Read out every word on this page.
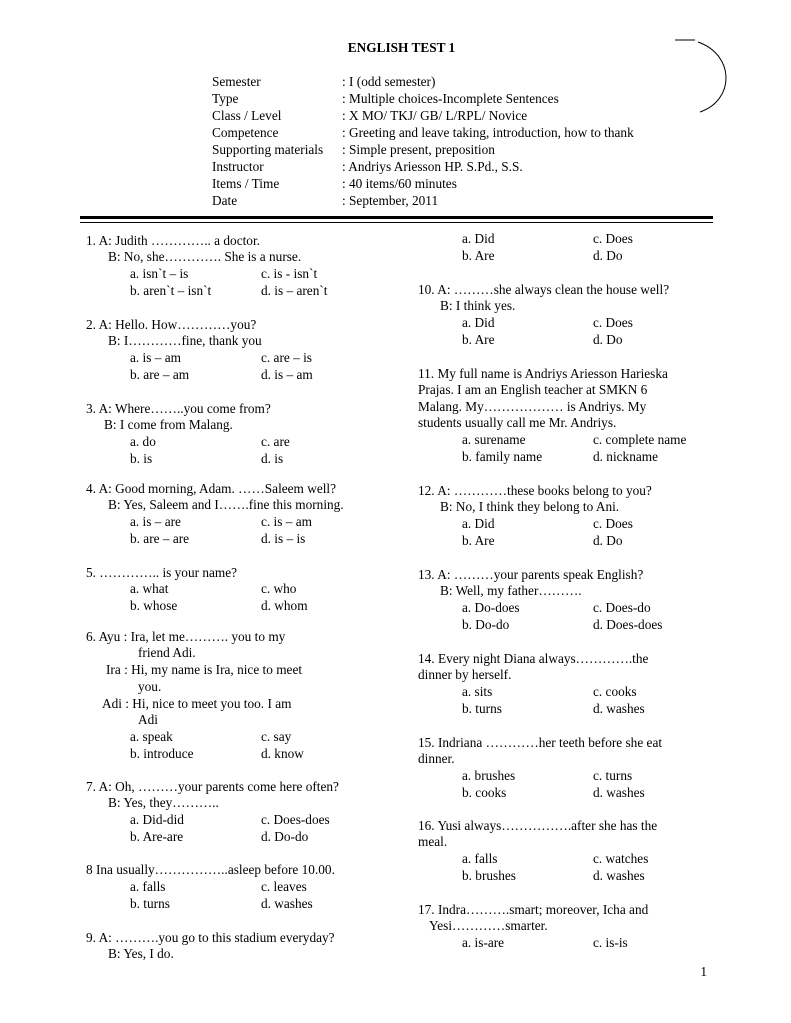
ENGLISH TEST 1
Semester	: I (odd semester)
Type	: Multiple choices-Incomplete Sentences
Class / Level	: X MO/ TKJ/ GB/ L/RPL/ Novice
Competence	: Greeting and leave taking, introduction, how to thank
Supporting materials : Simple present, preposition
Instructor	: Andriys Ariesson HP. S.Pd., S.S.
Items / Time	: 40 items/60 minutes
Date	: September, 2011
1. A: Judith ………….. a doctor.
B: No, she…………. She is a nurse.
a. isn`t – is	c. is - isn`t
b. aren`t – isn`t	d. is – aren`t
2. A: Hello. How…………you?
B: I…………fine, thank you
a. is – am	c. are – is
b. are – am	d. is – am
3. A: Where……..you come from?
B: I come from Malang.
a. do	c. are
b. is	d. is
4. A: Good morning, Adam. ……Saleem well?
B: Yes, Saleem and I…….fine this morning.
a. is – are	c. is – am
b. are – are	d. is – is
5. ………….. is your name?
a. what	c. who
b. whose	d. whom
6. Ayu : Ira, let me………. you to my
friend Adi.
Ira : Hi, my name is Ira, nice to meet
you.
Adi : Hi, nice to meet you too. I am
Adi
a. speak	c. say
b. introduce	d. know
7. A: Oh, ………your parents come here often?
B: Yes, they………..
a. Did-did	c. Does-does
b. Are-are	d. Do-do
8 Ina usually……………..asleep before 10.00.
a. falls	c. leaves
b. turns	d. washes
9. A: ……….you go to this stadium everyday?
B: Yes, I do.
a. Did	c. Does
b. Are	d. Do
10. A: ………she always clean the house well?
B: I think yes.
a. Did	c. Does
b. Are	d. Do
11. My full name is Andriys Ariesson Harieska
Prajas. I am an English teacher at SMKN 6
Malang. My……………… is Andriys. My
students usually call me Mr. Andriys.
a. surename	c. complete name
b. family name	d. nickname
12. A: …………these books belong to you?
B: No, I think they belong to Ani.
a. Did	c. Does
b. Are	d. Do
13. A: ………your parents speak English?
B: Well, my father……….
a. Do-does	c. Does-do
b. Do-do	d. Does-does
14. Every night Diana always………….the
dinner by herself.
a. sits	c. cooks
b. turns	d. washes
15. Indriana …………her teeth before she eat
dinner.
a. brushes	c. turns
b. cooks	d. washes
16. Yusi always…………….after she has the
meal.
a. falls	c. watches
b. brushes	d. washes
17. Indra……….smart; moreover, Icha and
Yesi…………smarter.
a. is-are	c. is-is
1
